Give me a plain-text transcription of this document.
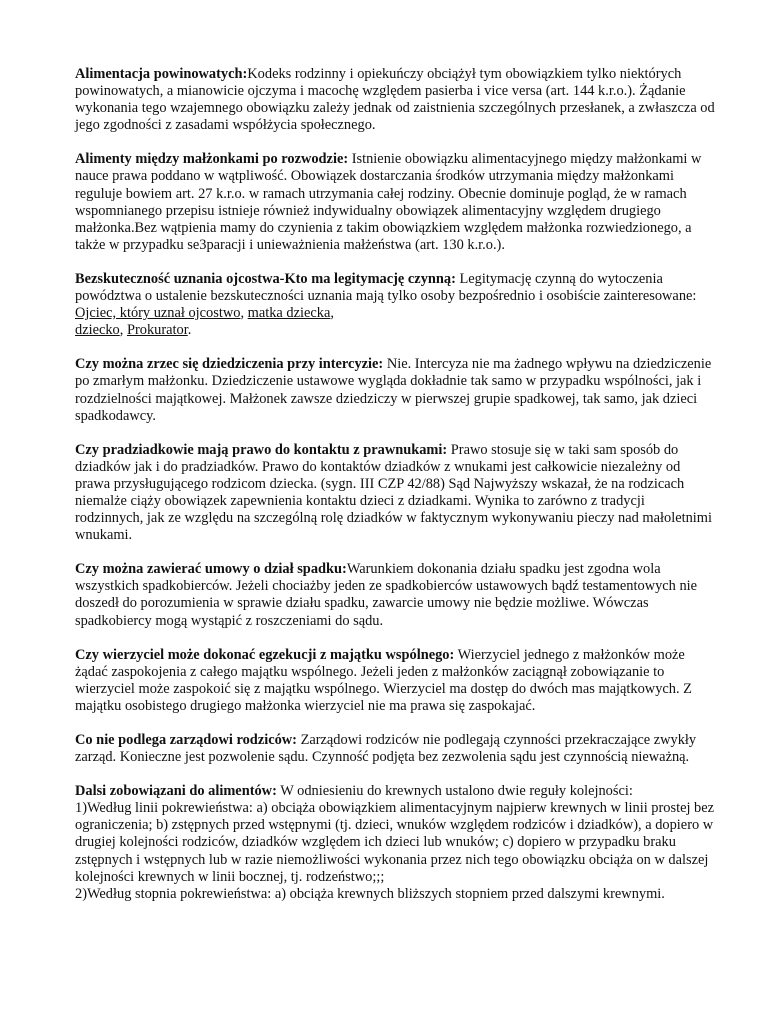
Alimentacja powinowatych:Kodeks rodzinny i opiekuńczy obciążył tym obowiązkiem tylko niektórych powinowatych, a mianowicie ojczyma i macochę względem pasierba i vice versa (art. 144 k.r.o.). Żądanie wykonania tego wzajemnego obowiązku zależy jednak od zaistnienia szczególnych przesłanek, a zwłaszcza od jego zgodności z zasadami współżycia społecznego.

Alimenty między małżonkami po rozwodzie: Istnienie obowiązku alimentacyjnego między małżonkami w nauce prawa poddano w wątpliwość. Obowiązek dostarczania środków utrzymania między małżonkami reguluje bowiem art. 27 k.r.o. w ramach utrzymania całej rodziny. Obecnie dominuje pogląd, że w ramach wspomnianego przepisu istnieje również indywidualny obowiązek alimentacyjny względem drugiego małżonka.Bez wątpienia mamy do czynienia z takim obowiązkiem względem małżonka rozwiedzionego, a także w przypadku se3paracji i unieważnienia małżeństwa (art. 130 k.r.o.).

Bezskuteczność uznania ojcostwa-Kto ma legitymację czynną: Legitymację czynną do wytoczenia powództwa o ustalenie bezskuteczności uznania mają tylko osoby bezpośrednio i osobiście zainteresowane: Ojciec, który uznał ojcostwo, matka dziecka,
dziecko, Prokurator.

Czy można zrzec się dziedziczenia przy intercyzie: Nie. Intercyza nie ma żadnego wpływu na dziedziczenie po zmarłym małżonku. Dziedziczenie ustawowe wygląda dokładnie tak samo w przypadku wspólności, jak i rozdzielności majątkowej. Małżonek zawsze dziedziczy w pierwszej grupie spadkowej, tak samo, jak dzieci spadkodawcy.

Czy pradziadkowie mają prawo do kontaktu z prawnukami: Prawo stosuje się w taki sam sposób do dziadków jak i do pradziadków. Prawo do kontaktów dziadków z wnukami jest całkowicie niezależny od prawa przysługującego rodzicom dziecka. (sygn. III CZP 42/88) Sąd Najwyższy wskazał, że na rodzicach niemalże ciąży obowiązek zapewnienia kontaktu dzieci z dziadkami. Wynika to zarówno z tradycji rodzinnych, jak ze względu na szczególną rolę dziadków w faktycznym wykonywaniu pieczy nad małoletnimi wnukami.

Czy można zawierać umowy o dział spadku:Warunkiem dokonania działu spadku jest zgodna wola wszystkich spadkobierców. Jeżeli chociażby jeden ze spadkobierców ustawowych bądź testamentowych nie doszedł do porozumienia w sprawie działu spadku, zawarcie umowy nie będzie możliwe. Wówczas spadkobiercy mogą wystąpić z roszczeniami do sądu.

Czy wierzyciel może dokonać egzekucji z majątku wspólnego: Wierzyciel jednego z małżonków może żądać zaspokojenia z całego majątku wspólnego. Jeżeli jeden z małżonków zaciągnął zobowiązanie to wierzyciel może zaspokoić się z majątku wspólnego. Wierzyciel ma dostęp do dwóch mas majątkowych. Z majątku osobistego drugiego małżonka wierzyciel nie ma prawa się zaspokajać.

Co nie podlega zarządowi rodziców: Zarządowi rodziców nie podlegają czynności przekraczające zwykły zarząd. Konieczne jest pozwolenie sądu. Czynność podjęta bez zezwolenia sądu jest czynnością nieważną.

Dalsi zobowiązani do alimentów: W odniesieniu do krewnych ustalono dwie reguły kolejności:
1)Według linii pokrewieństwa: a) obciąża obowiązkiem alimentacyjnym najpierw krewnych w linii prostej bez ograniczenia; b) zstępnych przed wstępnymi (tj. dzieci, wnuków względem rodziców i dziadków), a dopiero w drugiej kolejności rodziców, dziadków względem ich dzieci lub wnuków; c) dopiero w przypadku braku zstępnych i wstępnych lub w razie niemożliwości wykonania przez nich tego obowiązku obciąża on w dalszej kolejności krewnych w linii bocznej, tj. rodzeństwo;;;
2)Według stopnia pokrewieństwa: a) obciąża krewnych bliższych stopniem przed dalszymi krewnymi.
